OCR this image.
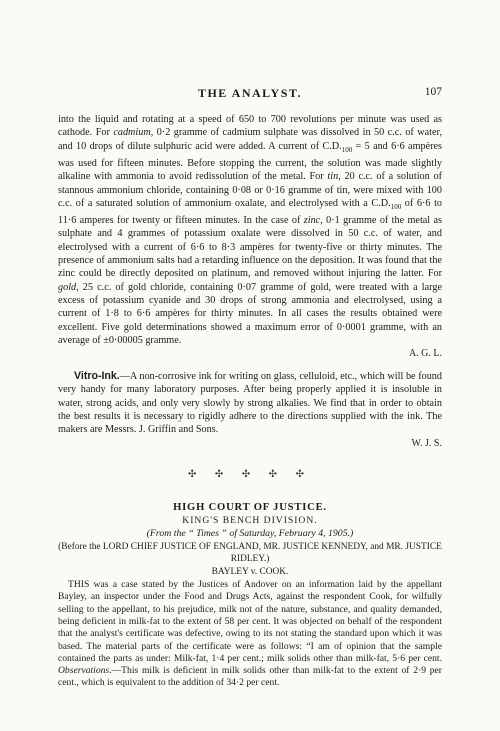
THE ANALYST.	107

into the liquid and rotating at a speed of 650 to 700 revolutions per minute was used as cathode. For cadmium, 0·2 gramme of cadmium sulphate was dissolved in 50 c.c. of water, and 10 drops of dilute sulphuric acid were added. A current of $C.D._{100} = 5$ and 6·6 ampères was used for fifteen minutes. Before stopping the current, the solution was made slightly alkaline with ammonia to avoid redissolution of the metal. For tin, 20 c.c. of a solution of stannous ammonium chloride, containing 0·08 or 0·16 gramme of tin, were mixed with 100 c.c. of a saturated solution of ammonium oxalate, and electrolysed with a $C.D._{100}$ of 6·6 to 11·6 amperes for twenty or fifteen minutes. In the case of zinc, 0·1 gramme of the metal as sulphate and 4 grammes of potassium oxalate were dissolved in 50 c.c. of water, and electrolysed with a current of 6·6 to 8·3 ampères for twenty-five or thirty minutes. The presence of ammonium salts had a retarding influence on the deposition. It was found that the zinc could be directly deposited on platinum, and removed without injuring the latter. For gold, 25 c.c. of gold chloride, containing 0·07 gramme of gold, were treated with a large excess of potassium cyanide and 30 drops of strong ammonia and electrolysed, using a current of 1·8 to 6·6 ampères for thirty minutes. In all cases the results obtained were excellent. Five gold determinations showed a maximum error of 0·0001 gramme, with an average of ±0·00005 gramme.

A. G. L.

Vitro-Ink.—A non-corrosive ink for writing on glass, celluloid, etc., which will be found very handy for many laboratory purposes. After being properly applied it is insoluble in water, strong acids, and only very slowly by strong alkalies. We find that in order to obtain the best results it is necessary to rigidly adhere to the directions supplied with the ink. The makers are Messrs. J. Griffin and Sons.

W. J. S.

✣ ✣ ✣ ✣ ✣

HIGH COURT OF JUSTICE.

KING'S BENCH DIVISION.

(From the “ Times ” of Saturday, February 4, 1905.)

(Before the LORD CHIEF JUSTICE OF ENGLAND, MR. JUSTICE KENNEDY, and MR. JUSTICE RIDLEY.)

BAYLEY v. COOK.

THIS was a case stated by the Justices of Andover on an information laid by the appellant Bayley, an inspector under the Food and Drugs Acts, against the respondent Cook, for wilfully selling to the appellant, to his prejudice, milk not of the nature, substance, and quality demanded, being deficient in milk-fat to the extent of 58 per cent. It was objected on behalf of the respondent that the analyst's certificate was defective, owing to its not stating the standard upon which it was based. The material parts of the certificate were as follows: “I am of opinion that the sample contained the parts as under: Milk-fat, 1·4 per cent.; milk solids other than milk-fat, 5·6 per cent. Observations.—This milk is deficient in milk solids other than milk-fat to the extent of 2·9 per cent., which is equivalent to the addition of 34·2 per cent.
